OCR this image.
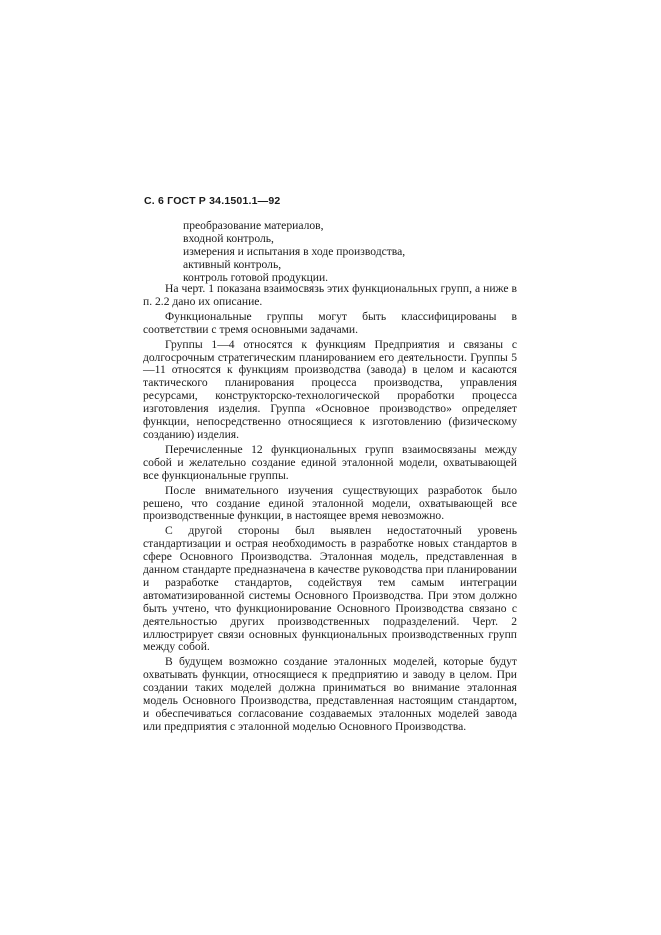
С. 6 ГОСТ Р 34.1501.1—92
преобразование материалов,
входной контроль,
измерения и испытания в ходе производства,
активный контроль,
контроль готовой продукции.

На черт. 1 показана взаимосвязь этих функциональных групп, а ниже в п. 2.2 дано их описание.

Функциональные группы могут быть классифицированы в соответствии с тремя основными задачами.

Группы 1—4 относятся к функциям Предприятия и связаны с долгосрочным стратегическим планированием его деятельности. Группы 5—11 относятся к функциям производства (завода) в целом и касаются тактического планирования процесса производства, управления ресурсами, конструкторско-технологической проработки процесса изготовления изделия. Группа «Основное производство» определяет функции, непосредственно относящиеся к изготовлению (физическому созданию) изделия.

Перечисленные 12 функциональных групп взаимосвязаны между собой и желательно создание единой эталонной модели, охватывающей все функциональные группы.

После внимательного изучения существующих разработок было решено, что создание единой эталонной модели, охватывающей все производственные функции, в настоящее время невозможно.

С другой стороны был выявлен недостаточный уровень стандартизации и острая необходимость в разработке новых стандартов в сфере Основного Производства. Эталонная модель, представленная в данном стандарте предназначена в качестве руководства при планировании и разработке стандартов, содействуя тем самым интеграции автоматизированной системы Основного Производства. При этом должно быть учтено, что функционирование Основного Производства связано с деятельностью других производственных подразделений. Черт. 2 иллюстрирует связи основных функциональных производственных групп между собой.

В будущем возможно создание эталонных моделей, которые будут охватывать функции, относящиеся к предприятию и заводу в целом. При создании таких моделей должна приниматься во внимание эталонная модель Основного Производства, представленная настоящим стандартом, и обеспечиваться согласование создаваемых эталонных моделей завода или предприятия с эталонной моделью Основного Производства.
